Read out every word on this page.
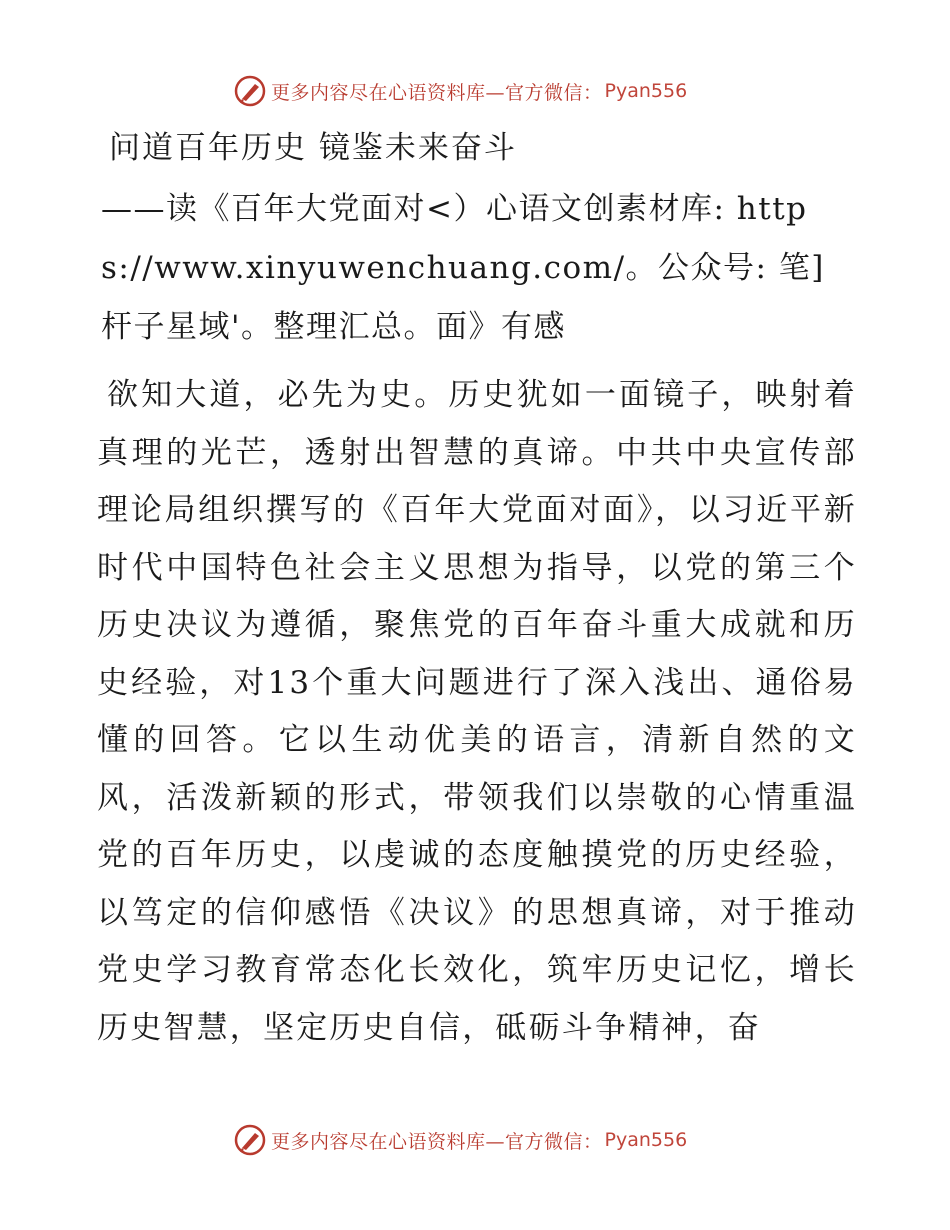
更多内容尽在心语资料库—官方微信： Pyan556
问道百年历史 镜鉴未来奋斗

——读《百年大党面对<）心语文创素材库: https://www.xinyuwenchuang.com/。公众号: 笔]杆子星域'。整理汇总。面》有感

欲知大道，必先为史。历史犹如一面镜子，映射着真理的光芒，透射出智慧的真谛。中共中央宣传部理论局组织撰写的《百年大党面对面》，以习近平新时代中国特色社会主义思想为指导，以党的第三个历史决议为遵循，聚焦党的百年奋斗重大成就和历史经验，对13个重大问题进行了深入浅出、通俗易懂的回答。它以生动优美的语言，清新自然的文风，活泼新颖的形式，带领我们以崇敬的心情重温党的百年历史，以虔诚的态度触摸党的历史经验，以笃定的信仰感悟《决议》的思想真谛，对于推动党史学习教育常态化长效化，筑牢历史记忆，增长历史智慧，坚定历史自信，砥砺斗争精神，奋

更多内容尽在心语资料库—官方微信： Pyan556
